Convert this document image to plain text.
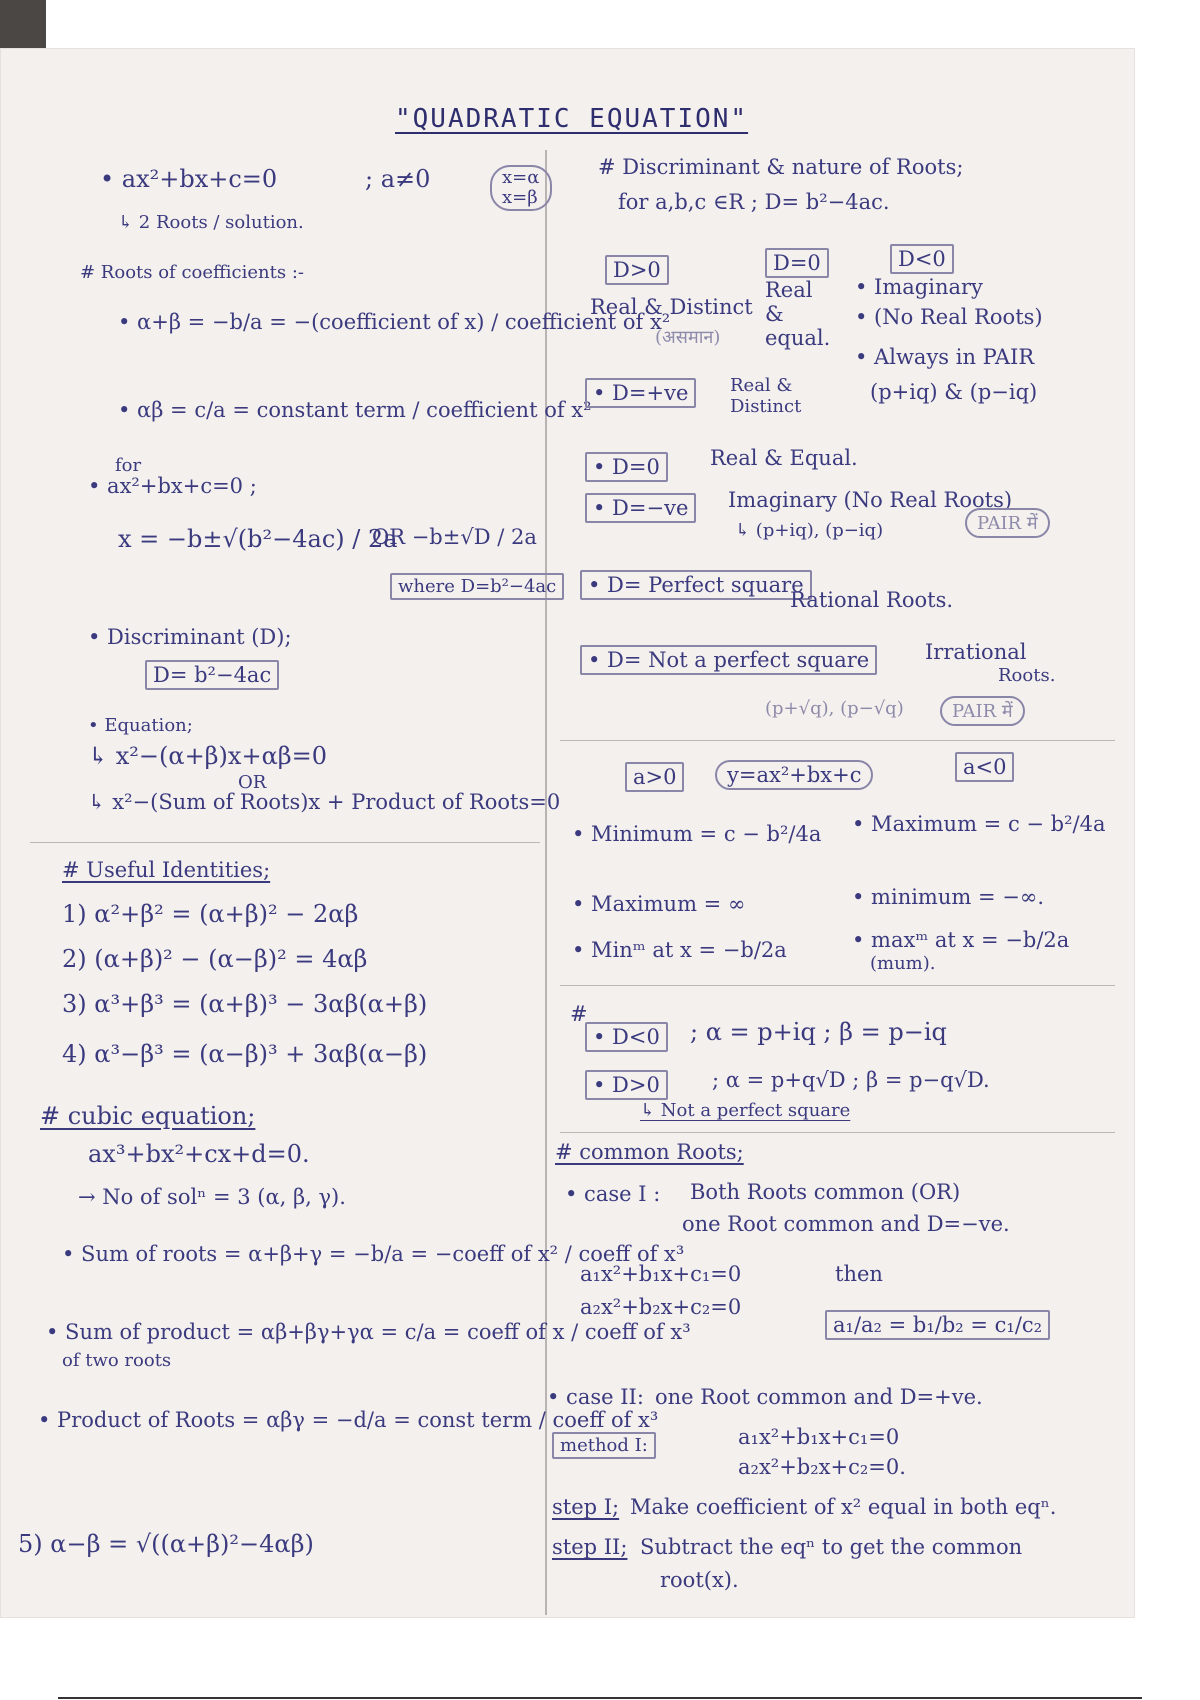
"QUADRATIC EQUATION"
• ax²+bx+c=0	; a≠0	x=α x=β
↳ 2 Roots / solution.
# Roots of coefficients :-
• α+β = −b/a = −(coefficient of x) / coefficient of x²
• αβ = c/a = constant term / coefficient of x²
for
• ax²+bx+c=0 ;
x = −b±√(b²−4ac) / 2a
OR −b±√D / 2a
where D=b²−4ac
• Discriminant (D);
D= b²−4ac
• Equation;
↳ x²−(α+β)x+αβ=0
OR
↳ x²−(Sum of Roots)x + Product of Roots=0
# Useful Identities;
1) α²+β² = (α+β)² − 2αβ
2) (α+β)² − (α−β)² = 4αβ
3) α³+β³ = (α+β)³ − 3αβ(α+β)
4) α³−β³ = (α−β)³ + 3αβ(α−β)
# cubic equation;
ax³+bx²+cx+d=0.
→ No of solⁿ = 3 (α, β, γ).
• Sum of roots = α+β+γ = −b/a = −coeff of x² / coeff of x³
• Sum of product = αβ+βγ+γα = c/a = coeff of x / coeff of x³
of two roots
• Product of Roots = αβγ = −d/a = const term / coeff of x³
5) α−β = √((α+β)²−4αβ)
# Discriminant & nature of Roots;
for a,b,c ∈R ; D= b²−4ac.
D>0	D=0	D<0
Real & Distinct
(असमान)
Real & equal.
• Imaginary
• (No Real Roots)
• Always in PAIR
(p+iq) & (p−iq)
• D=+ve	Real & Distinct
• D=0	Real & Equal.
• D=−ve	Imaginary (No Real Roots)
↳ (p+iq), (p−iq)	PAIR में
• D= Perfect square
Rational Roots.
• D= Not a perfect square	Irrational
Roots.
(p+√q), (p−√q)	PAIR में
a>0	y=ax²+bx+c	a<0
• Minimum = c − b²/4a • Maximum = c − b²/4a
• Maximum = ∞	• minimum = −∞.
• Minᵐ at x = −b/2a	• maxᵐ at x = −b/2a
(mum).
#
• D<0	; α = p+iq ; β = p−iq
• D>0	; α = p+q√D ; β = p−q√D.
↳ Not a perfect square
# common Roots;
• case I : Both Roots common (OR)
one Root common and D=−ve.
a₁x²+b₁x+c₁=0
a₂x²+b₂x+c₂=0
then
a₁/a₂ = b₁/b₂ = c₁/c₂
• case II: one Root common and D=+ve.
method I:	a₁x²+b₁x+c₁=0
a₂x²+b₂x+c₂=0.
step I; Make coefficient of x² equal in both eqⁿ.
step II; Subtract the eqⁿ to get the common
root(x).
